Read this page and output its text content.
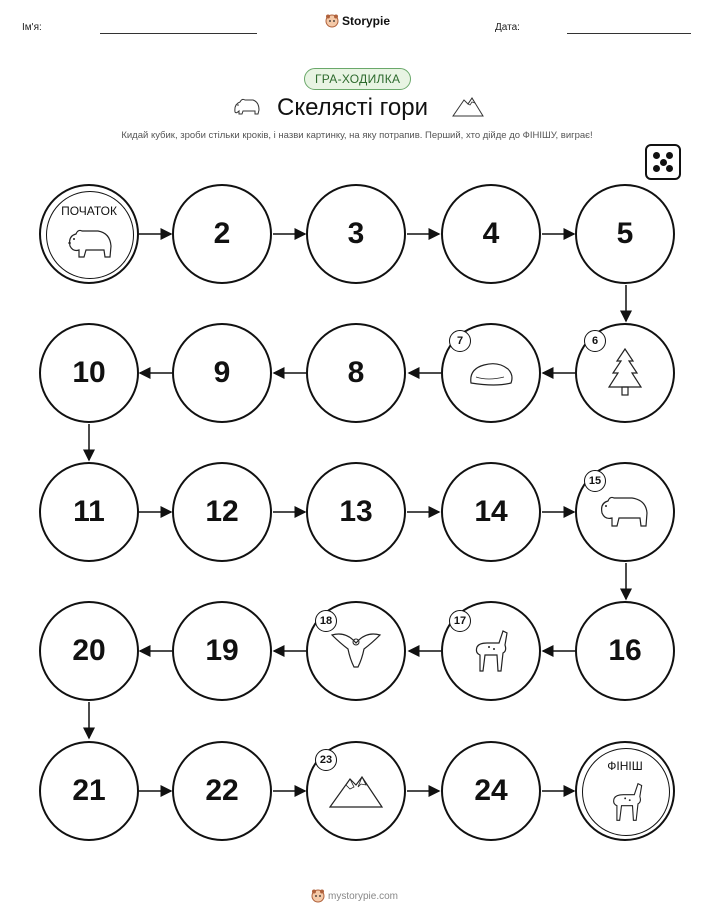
Ім'я:	Storypie	Дата:
ГРА-ХОДИЛКА
Скелясті гори
Кидай кубик, зроби стільки кроків, і назви картинку, на яку потрапив. Перший, хто дійде до ФІНІШУ, виграє!
ПОЧАТОК
2	3	4	5
10	9	8
7	6
11	12	13	14
15
20	19
18	17
16
21	22
23
24
ФІНІШ
mystorypie.com
